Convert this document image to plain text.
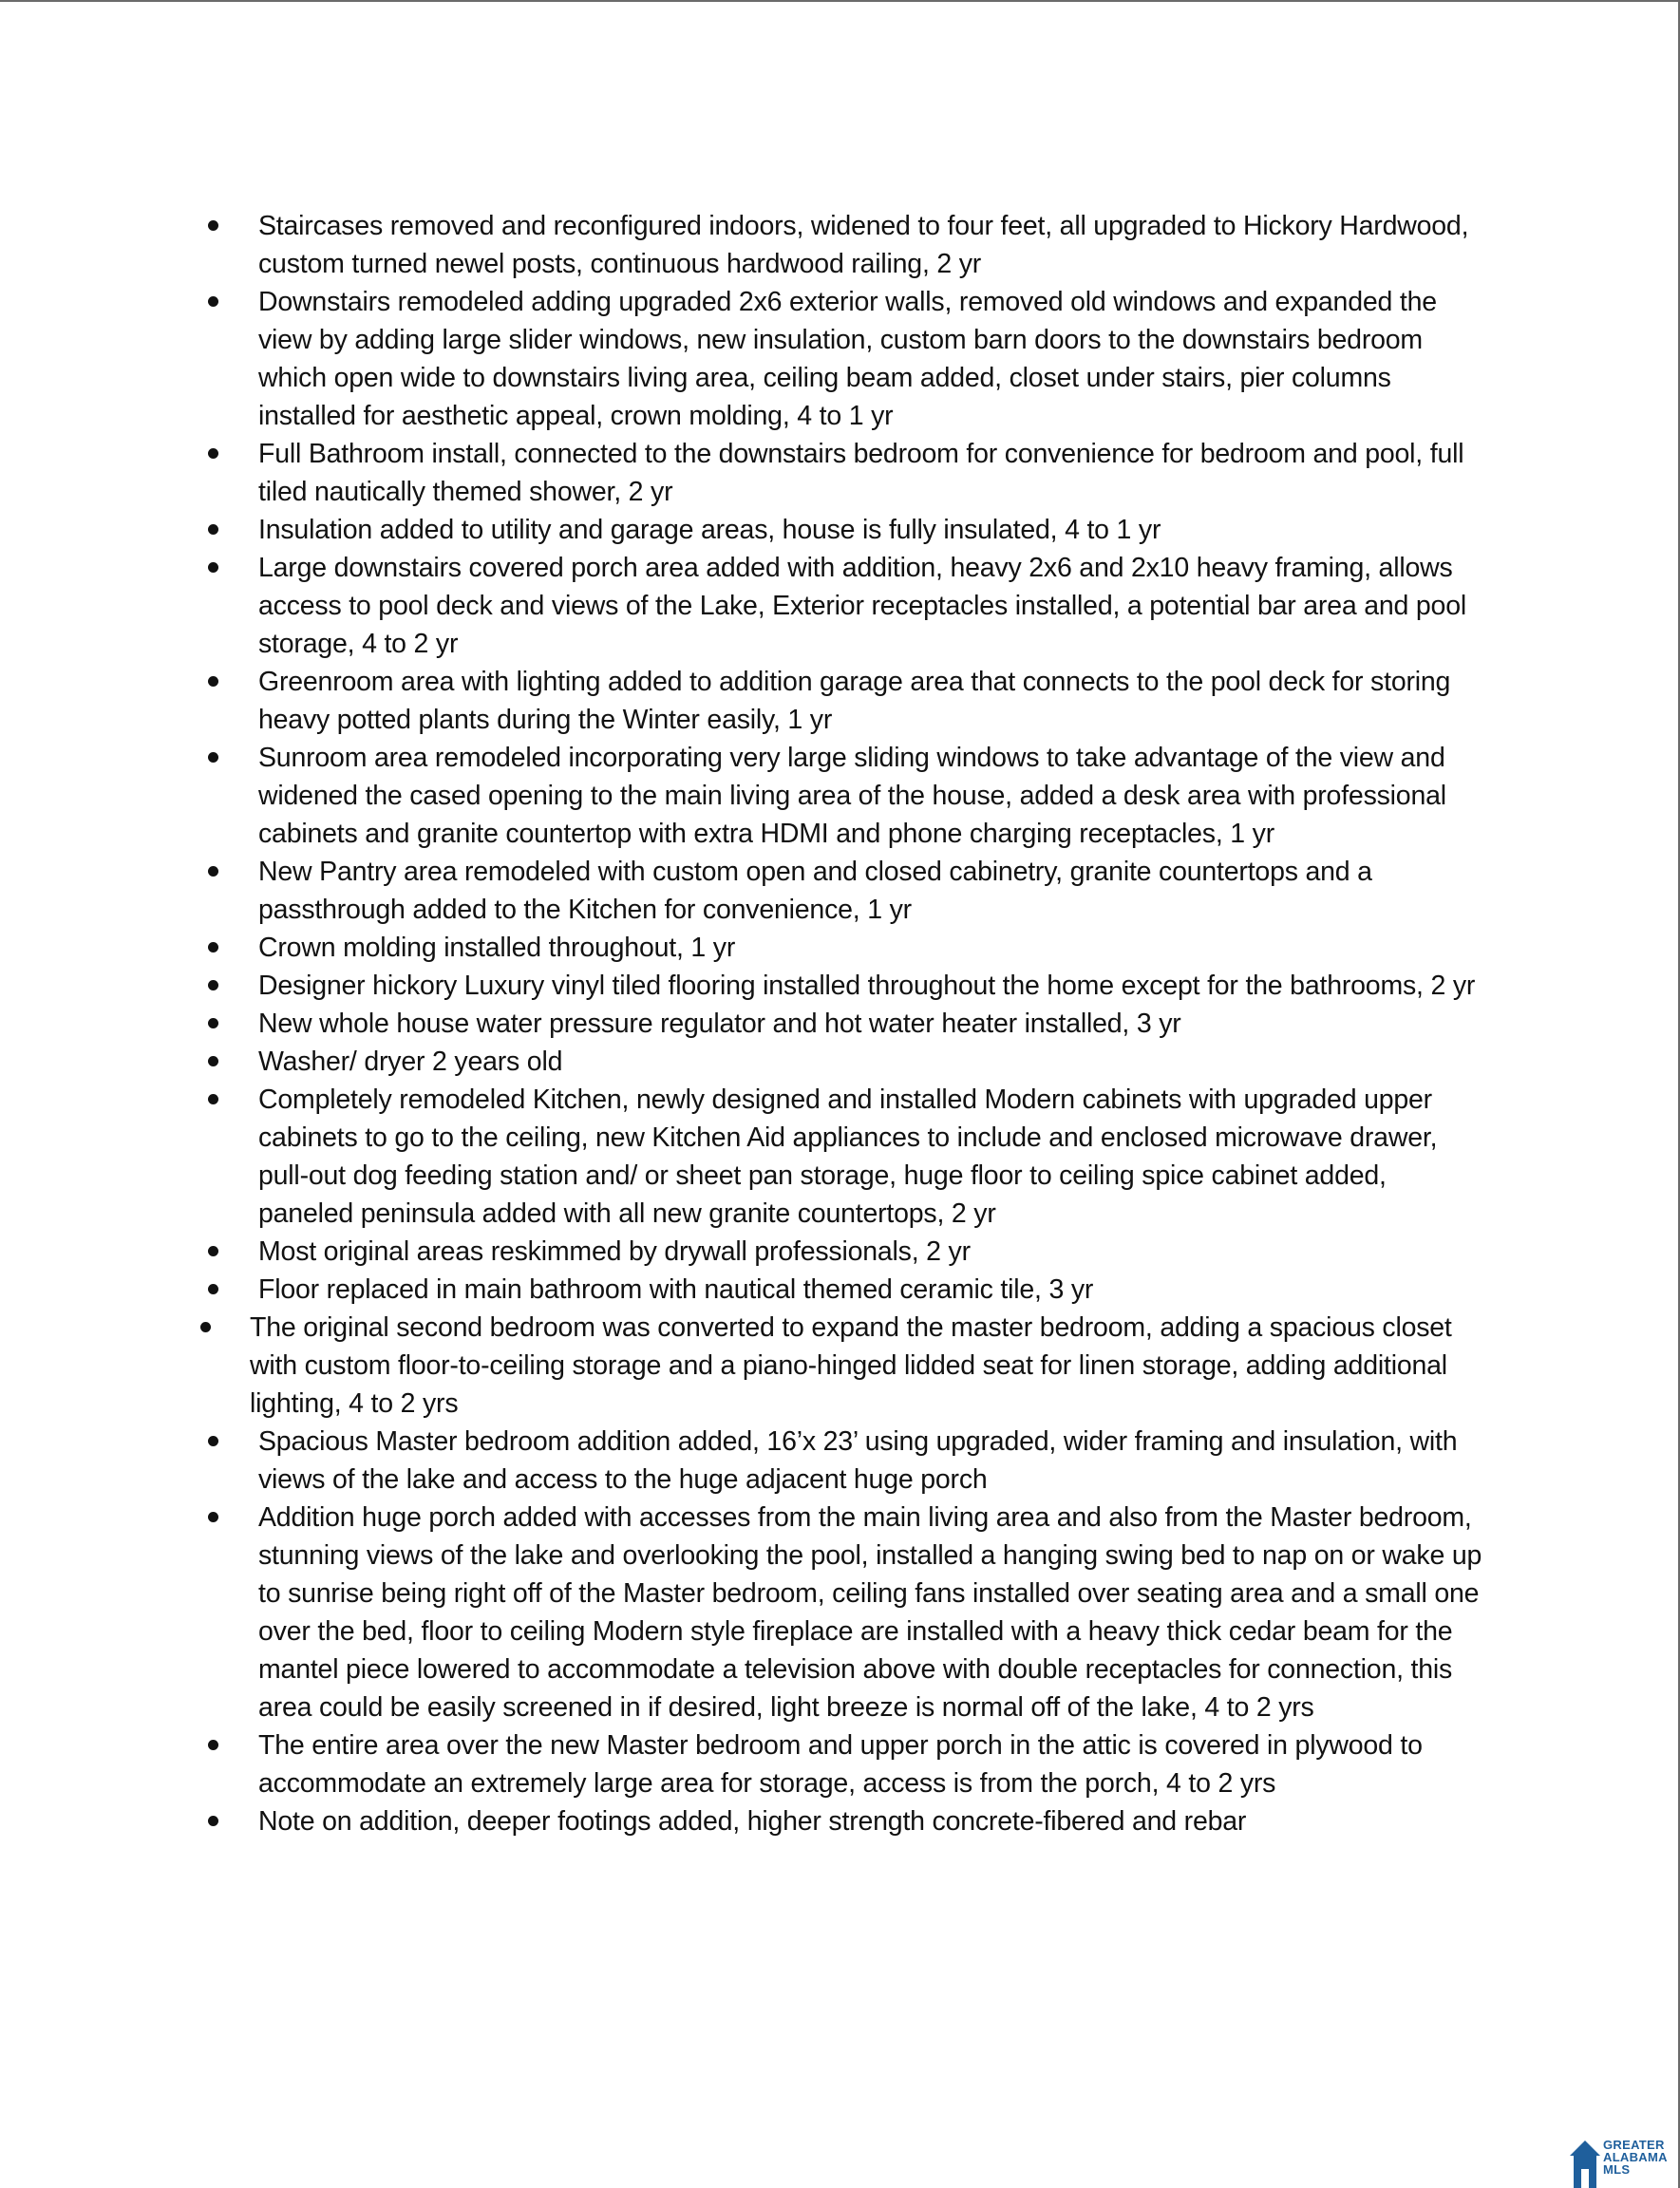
Staircases removed and reconfigured indoors, widened to four feet, all upgraded to Hickory Hardwood, custom turned newel posts, continuous hardwood railing, 2 yr
Downstairs remodeled adding upgraded 2x6 exterior walls, removed old windows and expanded the view by adding large slider windows, new insulation, custom barn doors to the downstairs bedroom which open wide to downstairs living area, ceiling beam added, closet under stairs, pier columns installed for aesthetic appeal, crown molding, 4 to 1 yr
Full Bathroom install, connected to the downstairs bedroom for convenience for bedroom and pool, full tiled nautically themed shower, 2 yr
Insulation added to utility and garage areas, house is fully insulated, 4 to 1 yr
Large downstairs covered porch area added with addition, heavy 2x6 and 2x10 heavy framing, allows access to pool deck and views of the Lake, Exterior receptacles installed, a potential bar area and pool storage, 4 to 2 yr
Greenroom area with lighting added to addition garage area that connects to the pool deck for storing heavy potted plants during the Winter easily, 1 yr
Sunroom area remodeled incorporating very large sliding windows to take advantage of the view and widened the cased opening to the main living area of the house, added a desk area with professional cabinets and granite countertop with extra HDMI and phone charging receptacles, 1 yr
New Pantry area remodeled with custom open and closed cabinetry, granite countertops and a passthrough added to the Kitchen for convenience, 1 yr
Crown molding installed throughout, 1 yr
Designer hickory Luxury vinyl tiled flooring installed throughout the home except for the bathrooms, 2 yr
New whole house water pressure regulator and hot water heater installed, 3 yr
Washer/ dryer 2 years old
Completely remodeled Kitchen, newly designed and installed Modern cabinets with upgraded upper cabinets to go to the ceiling, new Kitchen Aid appliances to include and enclosed microwave drawer, pull-out dog feeding station and/ or sheet pan storage, huge floor to ceiling spice cabinet added, paneled peninsula added with all new granite countertops, 2 yr
Most original areas reskimmed by drywall professionals, 2 yr
Floor replaced in main bathroom with nautical themed ceramic tile, 3 yr
The original second bedroom was converted to expand the master bedroom, adding a spacious closet with custom floor-to-ceiling storage and a piano-hinged lidded seat for linen storage, adding additional lighting, 4 to 2 yrs
Spacious Master bedroom addition added, 16’x 23’ using upgraded, wider framing and insulation, with views of the lake and access to the huge adjacent huge porch
Addition huge porch added with accesses from the main living area and also from the Master bedroom, stunning views of the lake and overlooking the pool, installed a hanging swing bed to nap on or wake up to sunrise being right off of the Master bedroom, ceiling fans installed over seating area and a small one over the bed, floor to ceiling Modern style fireplace are installed with a heavy thick cedar beam for the mantel piece lowered to accommodate a television above with double receptacles for connection, this area could be easily screened in if desired, light breeze is normal off of the lake, 4 to 2 yrs
The entire area over the new Master bedroom and upper porch in the attic is covered in plywood to accommodate an extremely large area for storage, access is from the porch, 4 to 2 yrs
Note on addition, deeper footings added, higher strength concrete-fibered and rebar
GREATER
ALABAMA
MLS
